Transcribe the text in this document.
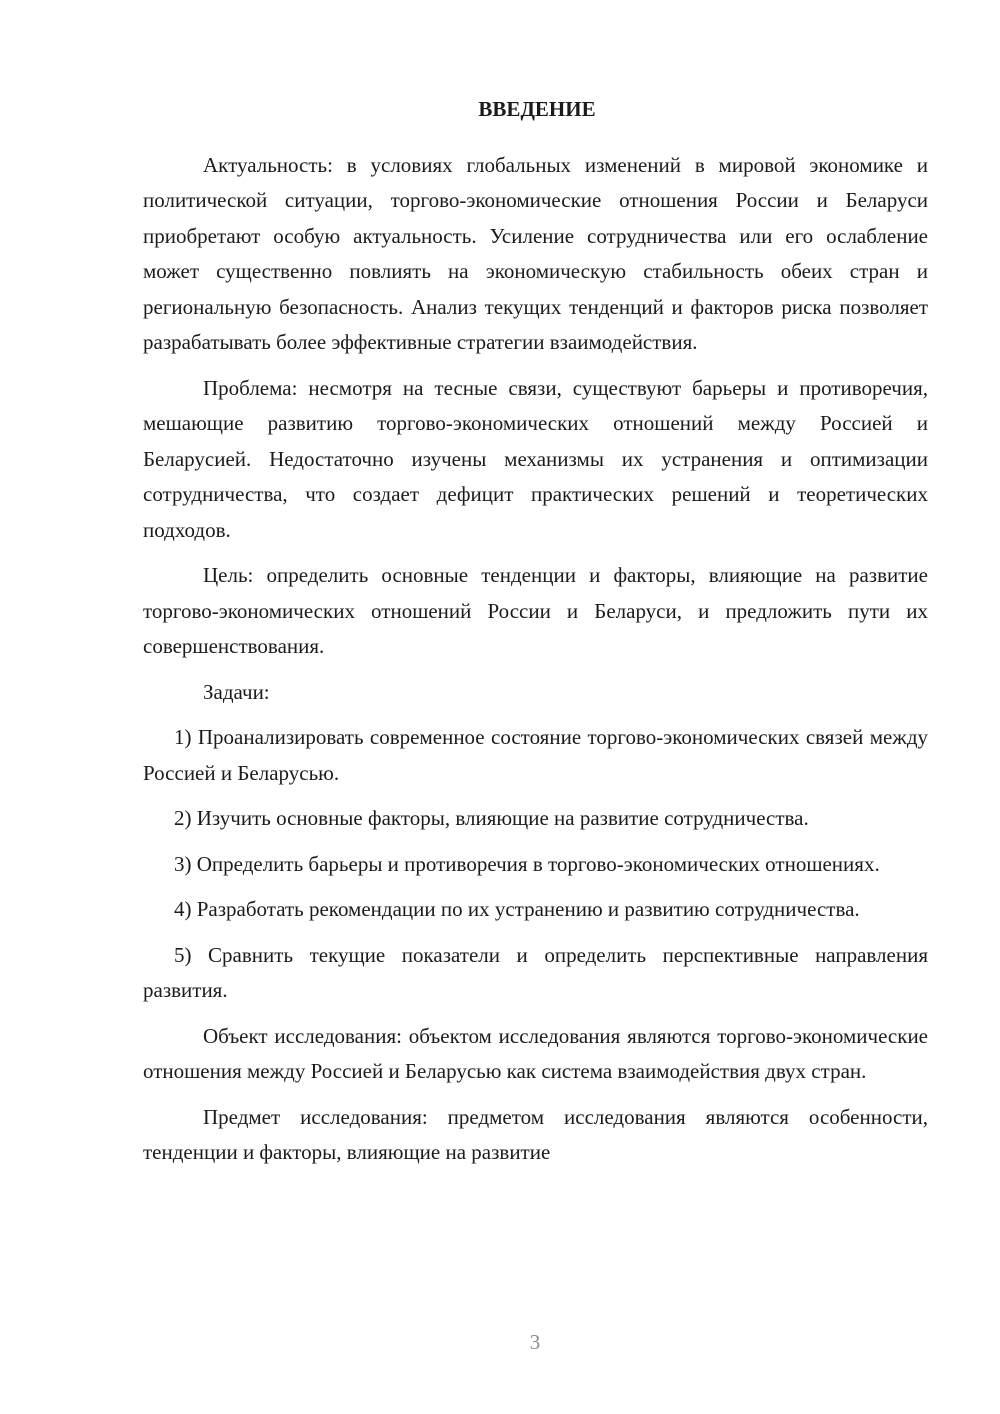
ВВЕДЕНИЕ

Актуальность: в условиях глобальных изменений в мировой экономике и политической ситуации, торгово-экономические отношения России и Беларуси приобретают особую актуальность. Усиление сотрудничества или его ослабление может существенно повлиять на экономическую стабильность обеих стран и региональную безопасность. Анализ текущих тенденций и факторов риска позволяет разрабатывать более эффективные стратегии взаимодействия.

Проблема: несмотря на тесные связи, существуют барьеры и противоречия, мешающие развитию торгово-экономических отношений между Россией и Беларусией. Недостаточно изучены механизмы их устранения и оптимизации сотрудничества, что создает дефицит практических решений и теоретических подходов.

Цель: определить основные тенденции и факторы, влияющие на развитие торгово-экономических отношений России и Беларуси, и предложить пути их совершенствования.

Задачи:

1) Проанализировать современное состояние торгово-экономических связей между Россией и Беларусью.

2) Изучить основные факторы, влияющие на развитие сотрудничества.

3) Определить барьеры и противоречия в торгово-экономических отношениях.

4) Разработать рекомендации по их устранению и развитию сотрудничества.

5) Сравнить текущие показатели и определить перспективные направления развития.

Объект исследования: объектом исследования являются торгово-экономические отношения между Россией и Беларусью как система взаимодействия двух стран.

Предмет исследования: предметом исследования являются особенности, тенденции и факторы, влияющие на развитие

3
